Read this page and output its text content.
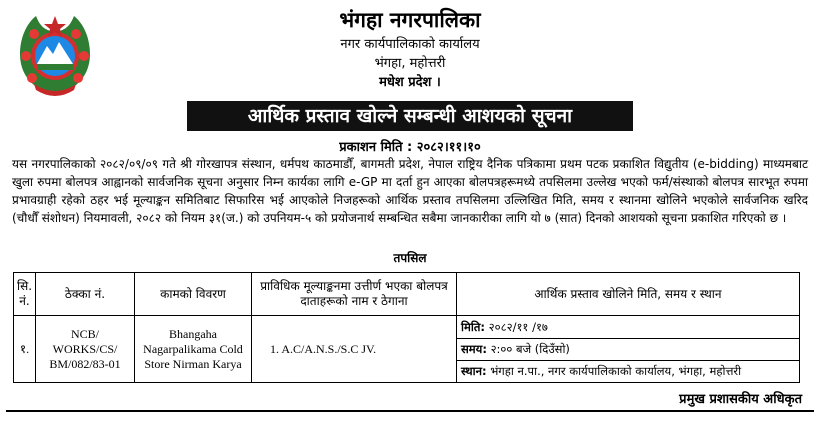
भंगहा नगरपालिका
नगर कार्यपालिकाको कार्यालय
भंगहा, महोत्तरी
मधेश प्रदेश ।
आर्थिक प्रस्ताव खोल्ने सम्बन्धी आशयको सूचना
प्रकाशन मिति : २०८२।११।१०
यस नगरपालिकाको २०८२/०९/०९ गते श्री गोरखापत्र संस्थान, धर्मपथ काठमाडौँ, बागमती प्रदेश, नेपाल राष्ट्रिय दैनिक पत्रिकामा प्रथम पटक प्रकाशित विद्युतीय (e-bidding) माध्यमबाट खुला रुपमा बोलपत्र आह्वानको सार्वजनिक सूचना अनुसार निम्न कार्यका लागि e-GP मा दर्ता हुन आएका बोलपत्रहरूमध्ये तपसिलमा उल्लेख भएको फर्म/संस्थाको बोलपत्र सारभूत रुपमा प्रभावग्राही रहेको ठहर भई मूल्याङ्कन समितिबाट सिफारिस भई आएकोले निजहरूको आर्थिक प्रस्ताव तपसिलमा उल्लिखित मिति, समय र स्थानमा खोलिने भएकोले सार्वजनिक खरिद (चौधौँ संशोधन) नियमावली, २०८२ को नियम ३१(ज.) को उपनियम-५ को प्रयोजनार्थ सम्बन्धित सबैमा जानकारीका लागि यो ७ (सात) दिनको आशयको सूचना प्रकाशित गरिएको छ ।
तपसिल
सि. नं.	ठेक्का नं.	कामको विवरण	प्राविधिक मूल्याङ्कनमा उत्तीर्ण भएका बोलपत्र दाताहरूको नाम र ठेगाना	आर्थिक प्रस्ताव खोलिने मिति, समय र स्थान
१.	NCB/ WORKS/CS/ BM/082/83-01	Bhangaha Nagarpalikama Cold Store Nirman Karya	1. A.C/A.N.S./S.C JV.	मिति: २०८२/११ /१७
समय: २:०० बजे (दिउँसो)
स्थान: भंगहा न.पा., नगर कार्यपालिकाको कार्यालय, भंगहा, महोत्तरी
प्रमुख प्रशासकीय अधिकृत
